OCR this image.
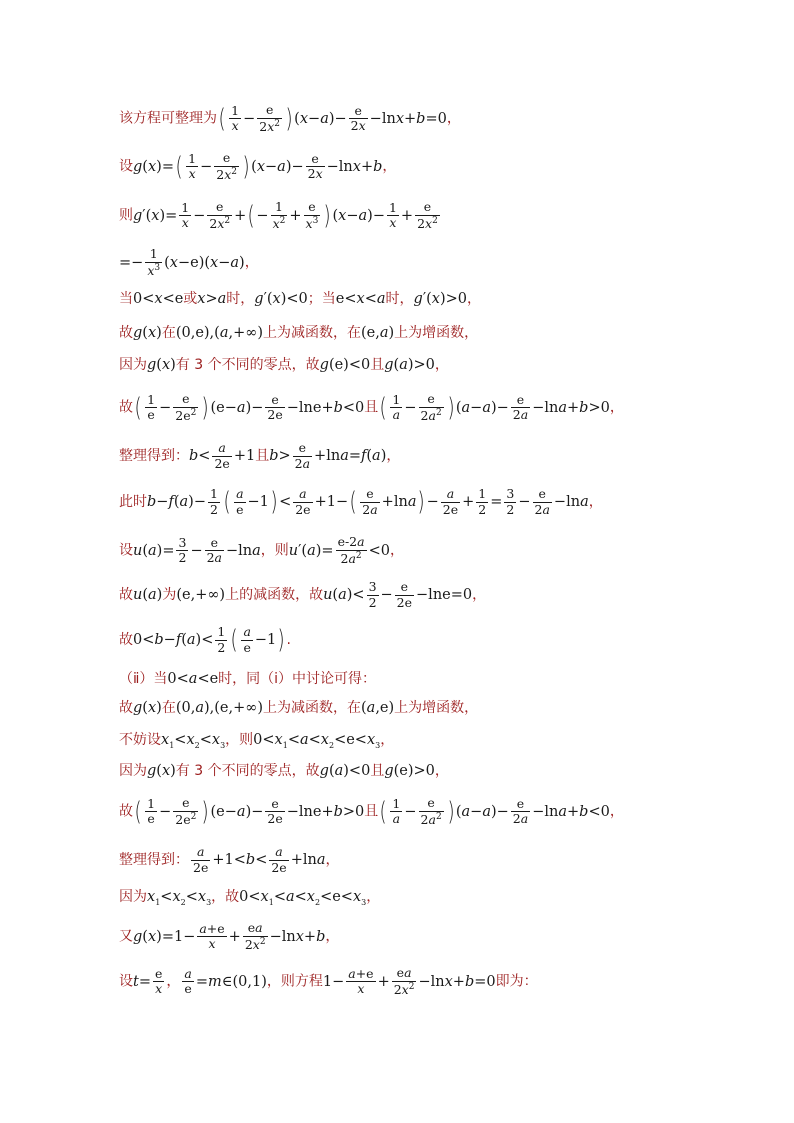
该方程可整理为( $\frac{1}{x} - \frac{e}{2x^2}$ ) $(x-a)- \frac{e}{2x} -\ln x+b=0$，
设$g(x)=( \frac{1}{x} - \frac{e}{2x^2}$ ) $(x-a)- \frac{e}{2x} -\ln x+b$，
则$g'(x)= \frac{1}{x} - \frac{e}{2x^2}$ +( − $\frac{1}{x^2} + \frac{e}{x^3}$ ) $(x-a)- \frac{1}{x} + \frac{e}{2x^2}$
=− $\frac{1}{x^3} (x-e)(x-a)$，
当0<x<e或x>a时，g′(x)<0；当e<x<a时，g′(x)>0，
故g(x)在(0,e),(a,+∞)上为减函数，在(e,a)上为增函数，
因为g(x)有 3 个不同的零点，故g(e)<0且g(a)>0，
故( $\frac{1}{e} - \frac{e}{2e^2}$ ) $(e-a)- \frac{e}{2e} -\ln e+b<0$且( $\frac{1}{a} - \frac{e}{2a^2}$ ) $(a-a)- \frac{e}{2a} -\ln a+b>0$，
整理得到：$b< \frac{a}{2e} +1$且$b> \frac{e}{2a} +\ln a=f(a)$，
此时$b-f(a)- \frac{1}{2}$ ( $\frac{a}{e} -1) < \frac{a}{2e} +1-( \frac{e}{2a} +\ln a) - \frac{a}{2e} + \frac{1}{2} = \frac{3}{2} - \frac{e}{2a} -\ln a$，
设$u(a)= \frac{3}{2} - \frac{e}{2a} -\ln a$，则$u'(a)= \frac{e-2a}{2a^2} <0$，
故u(a)为(e,+∞)上的减函数，故$u(a)< \frac{3}{2} - \frac{e}{2e} -\ln e=0$，
故$0<b-f(a)< \frac{1}{2}$ ( $\frac{a}{e} -1$) .
（ⅱ）当0<a<e时，同（ⅰ）中讨论可得：
故g(x)在(0,a),(e,+∞)上为减函数，在(a,e)上为增函数，
不妨设$x_1<x_2<x_3$，则$0<x_1<a<x_2<e<x_3$，
因为g(x)有 3 个不同的零点，故g(a)<0且g(e)>0，
故( $\frac{1}{e} - \frac{e}{2e^2}$ ) $(e-a)- \frac{e}{2e} -\ln e+b>0$且( $\frac{1}{a} - \frac{e}{2a^2}$ ) $(a-a)- \frac{e}{2a} -\ln a+b<0$，
整理得到： $\frac{a}{2e} +1<b< \frac{a}{2e} +\ln a$，
因为$x_1<x_2<x_3$，故$0<x_1<a<x_2<e<x_3$，
又$g(x)=1- \frac{a+e}{x} + \frac{ea}{2x^2} -\ln x+b$，
设$t= \frac{e}{x}$ ， $\frac{a}{e}$ =m∈(0,1)，则方程$1- \frac{a+e}{x} + \frac{ea}{2x^2} -\ln x+b=0$即为：
